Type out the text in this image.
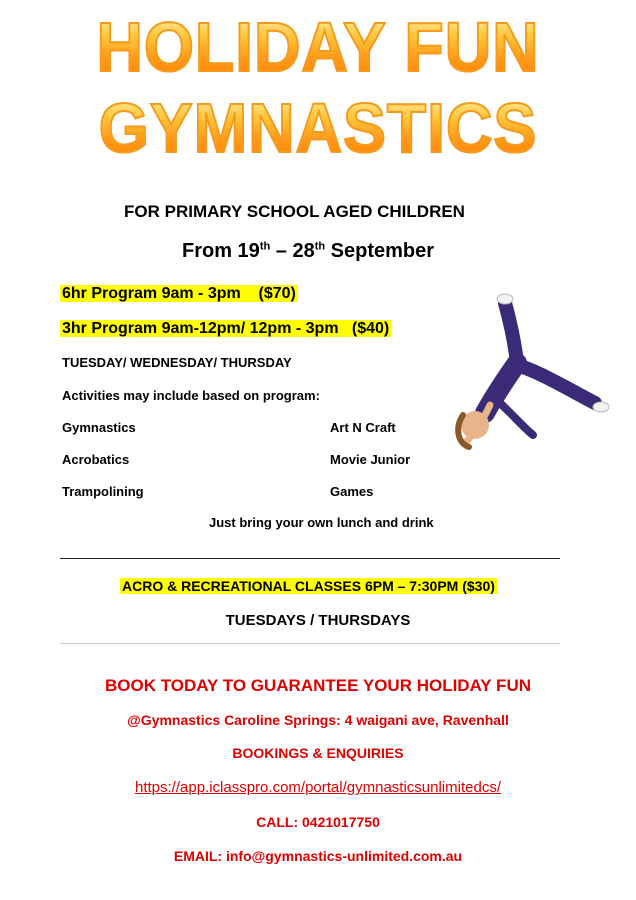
HOLIDAY FUN
GYMNASTICS
FOR PRIMARY SCHOOL AGED CHILDREN
From 19th – 28th September
6hr Program 9am - 3pm    ($70)
3hr Program 9am-12pm/ 12pm - 3pm   ($40)
TUESDAY/ WEDNESDAY/ THURSDAY
Activities may include based on program:
Gymnastics
Acrobatics
Trampolining
Art N Craft
Movie Junior
Games
Just bring your own lunch and drink
ACRO & RECREATIONAL CLASSES 6PM – 7:30PM ($30)
TUESDAYS / THURSDAYS
BOOK TODAY TO GUARANTEE YOUR HOLIDAY FUN
@Gymnastics Caroline Springs: 4 waigani ave, Ravenhall
BOOKINGS & ENQUIRIES
https://app.iclasspro.com/portal/gymnasticsunlimitedcs/
CALL: 0421017750
EMAIL: info@gymnastics-unlimited.com.au
